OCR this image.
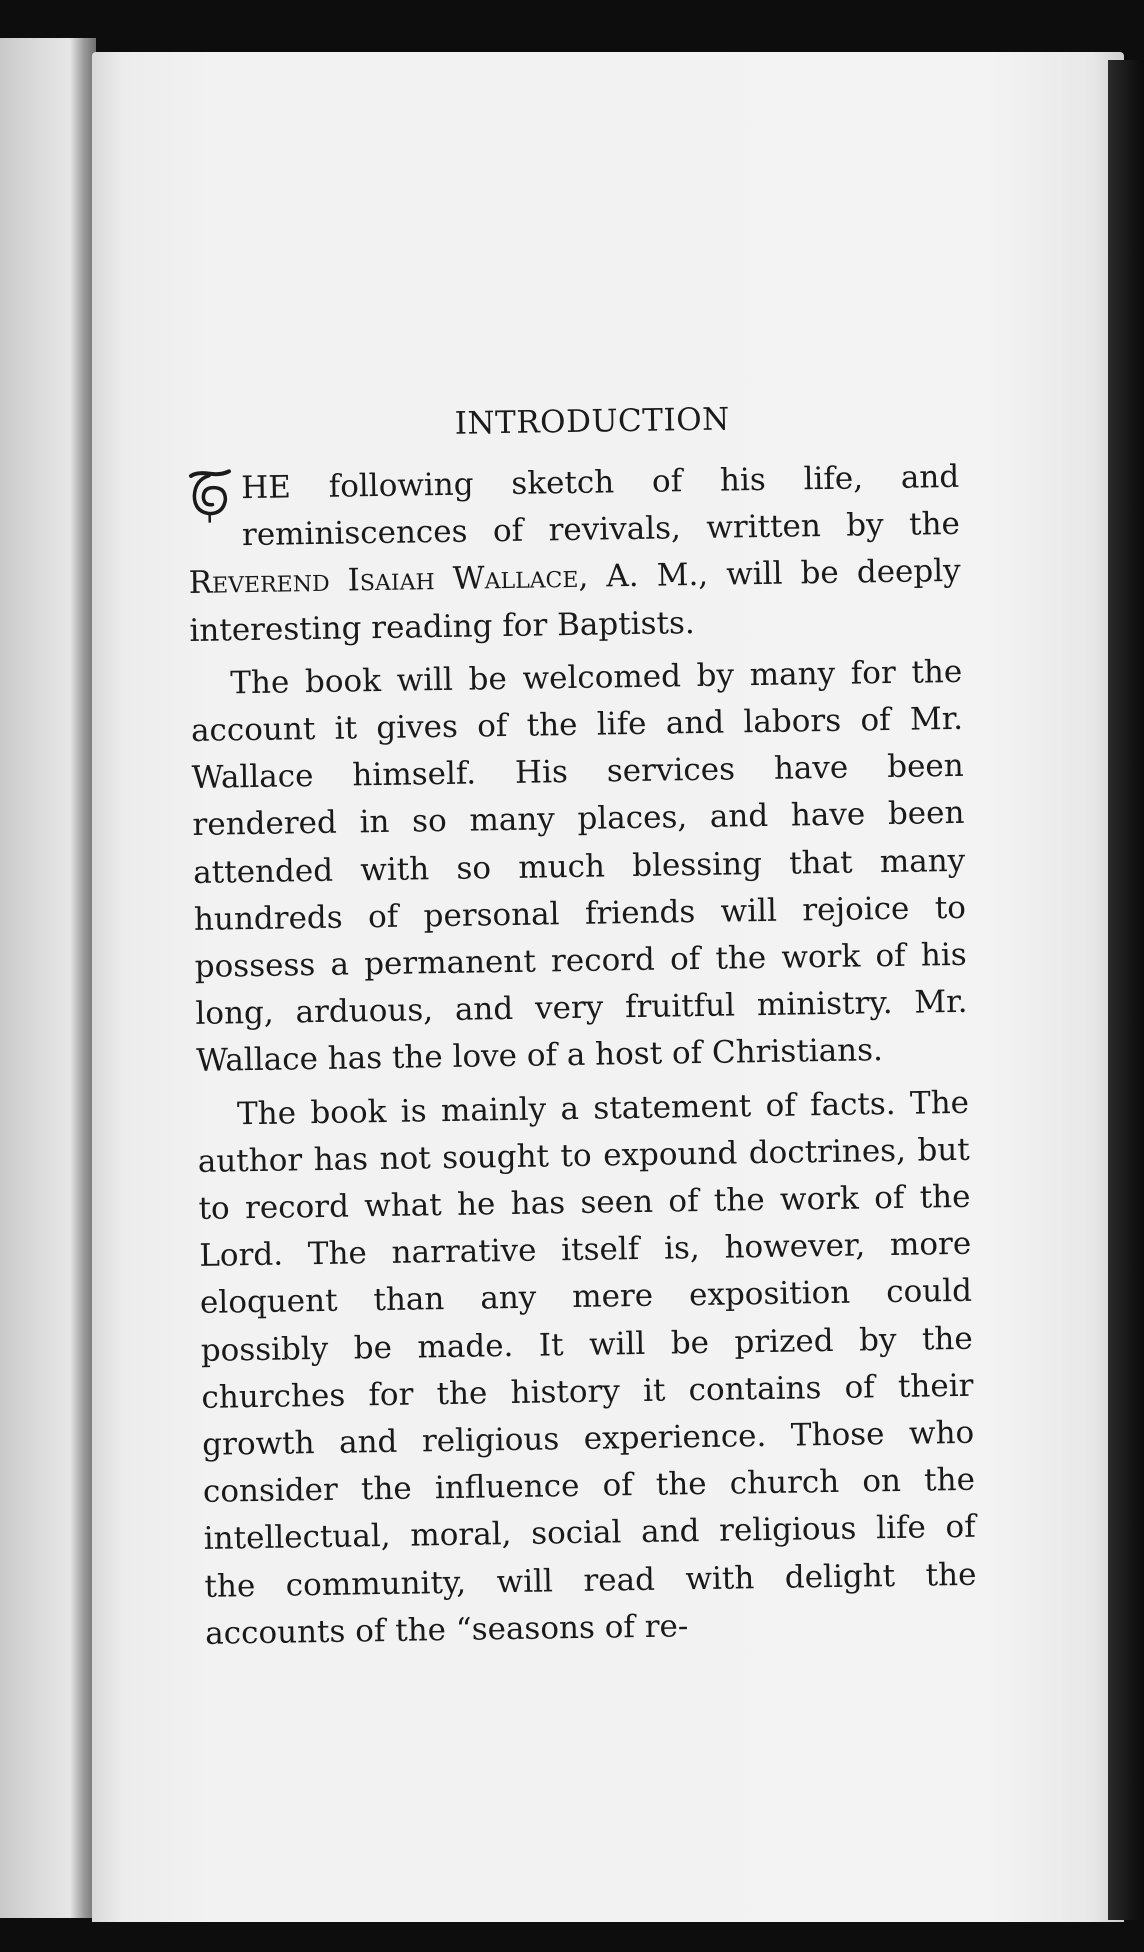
INTRODUCTION

HE following sketch of his life, and reminiscences of revivals, written by the Reverend Isaiah Wallace, A. M., will be deeply interesting reading for Baptists.

The book will be welcomed by many for the account it gives of the life and labors of Mr. Wallace himself. His services have been rendered in so many places, and have been attended with so much blessing that many hundreds of personal friends will rejoice to possess a permanent record of the work of his long, arduous, and very fruitful ministry. Mr. Wallace has the love of a host of Christians.

The book is mainly a statement of facts. The author has not sought to expound doctrines, but to record what he has seen of the work of the Lord. The narrative itself is, however, more eloquent than any mere exposition could possibly be made. It will be prized by the churches for the history it contains of their growth and religious experience. Those who consider the influence of the church on the intellectual, moral, social and religious life of the community, will read with delight the accounts of the “seasons of re-
